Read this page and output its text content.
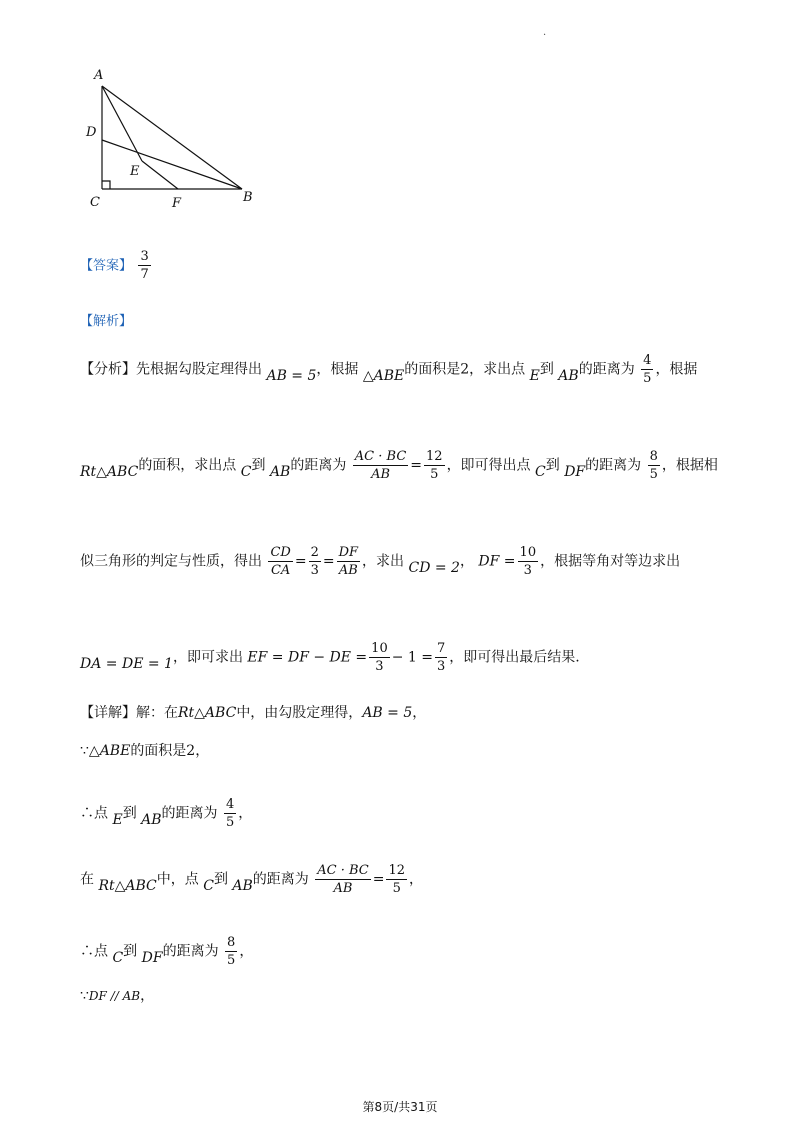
·
A
D
E
C	F	B
【答案】 $\frac{3}{7}$
【解析】
【分析】先根据勾股定理得出 AB = 5，根据 △ABE的面积是2，求出点 E到 AB的距离为 $\frac{4}{5}$ ，根据
Rt△ABC的面积，求出点 C到 AB的距离为 $\frac{AC \cdot BC}{AB} = \frac{12}{5}$ ，即可得出点 C到 DF的距离为 $\frac{8}{5}$ ，根据相
似三角形的判定与性质，得出 $\frac{CD}{CA} = \frac{2}{3} = \frac{DF}{AB}$ ，求出 CD = 2， DF = $\frac{10}{3}$ ，根据等角对等边求出
DA = DE = 1，即可求出 EF = DF − DE = $\frac{10}{3} - 1 = \frac{7}{3}$ ，即可得出最后结果.
【详解】解：在Rt△ABC中，由勾股定理得，AB = 5，
∵△ABE的面积是2，
∴点 E到 AB的距离为 $\frac{4}{5}$ ，
在 Rt△ABC中，点 C到 AB的距离为 $\frac{AC \cdot BC}{AB} = \frac{12}{5}$ ，
∴点 C到 DF的距离为 $\frac{8}{5}$ ，
∵DF // AB，
第8页/共31页
